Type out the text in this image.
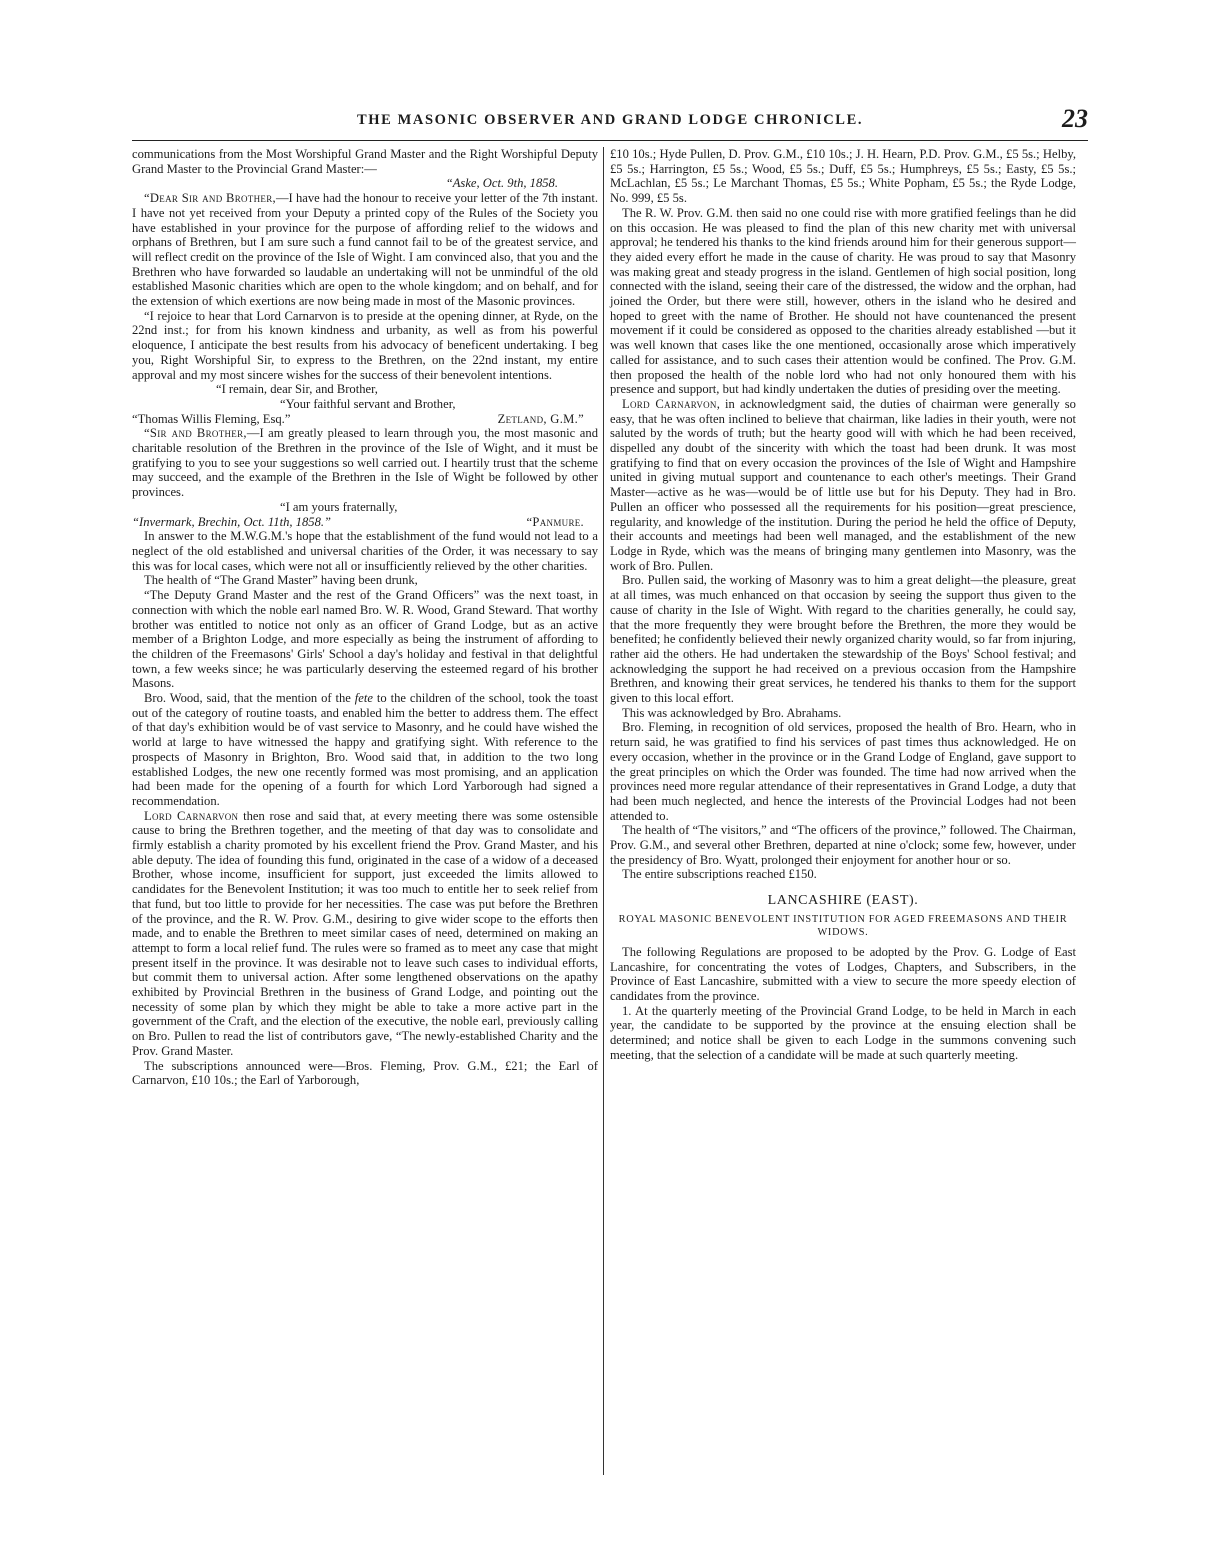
THE MASONIC OBSERVER AND GRAND LODGE CHRONICLE.	23

communications from the Most Worshipful Grand Master and the Right Worshipful Deputy Grand Master to the Provincial Grand Master:—

“Aske, Oct. 9th, 1858.

“Dear Sir and Brother,—I have had the honour to receive your letter of the 7th instant. I have not yet received from your Deputy a printed copy of the Rules of the Society you have established in your province for the purpose of affording relief to the widows and orphans of Brethren, but I am sure such a fund cannot fail to be of the greatest service, and will reflect credit on the province of the Isle of Wight. I am convinced also, that you and the Brethren who have forwarded so laudable an undertaking will not be unmindful of the old established Masonic charities which are open to the whole kingdom; and on behalf, and for the extension of which exertions are now being made in most of the Masonic provinces.

“I rejoice to hear that Lord Carnarvon is to preside at the opening dinner, at Ryde, on the 22nd inst.; for from his known kindness and urbanity, as well as from his powerful eloquence, I anticipate the best results from his advocacy of beneficent undertaking. I beg you, Right Worshipful Sir, to express to the Brethren, on the 22nd instant, my entire approval and my most sincere wishes for the success of their benevolent intentions.

“I remain, dear Sir, and Brother,

“Your faithful servant and Brother,

“Thomas Willis Fleming, Esq.”	Zetland, G.M.”

“Sir and Brother,—I am greatly pleased to learn through you, the most masonic and charitable resolution of the Brethren in the province of the Isle of Wight, and it must be gratifying to you to see your suggestions so well carried out. I heartily trust that the scheme may succeed, and the example of the Brethren in the Isle of Wight be followed by other provinces.

“I am yours fraternally,

“Invermark, Brechin, Oct. 11th, 1858.”	“Panmure.

In answer to the M.W.G.M.'s hope that the establishment of the fund would not lead to a neglect of the old established and universal charities of the Order, it was necessary to say this was for local cases, which were not all or insufficiently relieved by the other charities.

The health of “The Grand Master” having been drunk,

“The Deputy Grand Master and the rest of the Grand Officers” was the next toast, in connection with which the noble earl named Bro. W. R. Wood, Grand Steward. That worthy brother was entitled to notice not only as an officer of Grand Lodge, but as an active member of a Brighton Lodge, and more especially as being the instrument of affording to the children of the Freemasons' Girls' School a day's holiday and festival in that delightful town, a few weeks since; he was particularly deserving the esteemed regard of his brother Masons.

Bro. Wood, said, that the mention of the fete to the children of the school, took the toast out of the category of routine toasts, and enabled him the better to address them. The effect of that day's exhibition would be of vast service to Masonry, and he could have wished the world at large to have witnessed the happy and gratifying sight. With reference to the prospects of Masonry in Brighton, Bro. Wood said that, in addition to the two long established Lodges, the new one recently formed was most promising, and an application had been made for the opening of a fourth for which Lord Yarborough had signed a recommendation.

Lord Carnarvon then rose and said that, at every meeting there was some ostensible cause to bring the Brethren together, and the meeting of that day was to consolidate and firmly establish a charity promoted by his excellent friend the Prov. Grand Master, and his able deputy. The idea of founding this fund, originated in the case of a widow of a deceased Brother, whose income, insufficient for support, just exceeded the limits allowed to candidates for the Benevolent Institution; it was too much to entitle her to seek relief from that fund, but too little to provide for her necessities. The case was put before the Brethren of the province, and the R. W. Prov. G.M., desiring to give wider scope to the efforts then made, and to enable the Brethren to meet similar cases of need, determined on making an attempt to form a local relief fund. The rules were so framed as to meet any case that might present itself in the province. It was desirable not to leave such cases to individual efforts, but commit them to universal action. After some lengthened observations on the apathy exhibited by Provincial Brethren in the business of Grand Lodge, and pointing out the necessity of some plan by which they might be able to take a more active part in the government of the Craft, and the election of the executive, the noble earl, previously calling on Bro. Pullen to read the list of contributors gave, “The newly-established Charity and the Prov. Grand Master.

The subscriptions announced were—Bros. Fleming, Prov. G.M., £21; the Earl of Carnarvon, £10 10s.; the Earl of Yarborough,

£10 10s.; Hyde Pullen, D. Prov. G.M., £10 10s.; J. H. Hearn, P.D. Prov. G.M., £5 5s.; Helby, £5 5s.; Harrington, £5 5s.; Wood, £5 5s.; Duff, £5 5s.; Humphreys, £5 5s.; Easty, £5 5s.; McLachlan, £5 5s.; Le Marchant Thomas, £5 5s.; White Popham, £5 5s.; the Ryde Lodge, No. 999, £5 5s.

The R. W. Prov. G.M. then said no one could rise with more gratified feelings than he did on this occasion. He was pleased to find the plan of this new charity met with universal approval; he tendered his thanks to the kind friends around him for their generous support—they aided every effort he made in the cause of charity. He was proud to say that Masonry was making great and steady progress in the island. Gentlemen of high social position, long connected with the island, seeing their care of the distressed, the widow and the orphan, had joined the Order, but there were still, however, others in the island who he desired and hoped to greet with the name of Brother. He should not have countenanced the present movement if it could be considered as opposed to the charities already established —but it was well known that cases like the one mentioned, occasionally arose which imperatively called for assistance, and to such cases their attention would be confined. The Prov. G.M. then proposed the health of the noble lord who had not only honoured them with his presence and support, but had kindly undertaken the duties of presiding over the meeting.

Lord Carnarvon, in acknowledgment said, the duties of chairman were generally so easy, that he was often inclined to believe that chairman, like ladies in their youth, were not saluted by the words of truth; but the hearty good will with which he had been received, dispelled any doubt of the sincerity with which the toast had been drunk. It was most gratifying to find that on every occasion the provinces of the Isle of Wight and Hampshire united in giving mutual support and countenance to each other's meetings. Their Grand Master—active as he was—would be of little use but for his Deputy. They had in Bro. Pullen an officer who possessed all the requirements for his position—great prescience, regularity, and knowledge of the institution. During the period he held the office of Deputy, their accounts and meetings had been well managed, and the establishment of the new Lodge in Ryde, which was the means of bringing many gentlemen into Masonry, was the work of Bro. Pullen.

Bro. Pullen said, the working of Masonry was to him a great delight—the pleasure, great at all times, was much enhanced on that occasion by seeing the support thus given to the cause of charity in the Isle of Wight. With regard to the charities generally, he could say, that the more frequently they were brought before the Brethren, the more they would be benefited; he confidently believed their newly organized charity would, so far from injuring, rather aid the others. He had undertaken the stewardship of the Boys' School festival; and acknowledging the support he had received on a previous occasion from the Hampshire Brethren, and knowing their great services, he tendered his thanks to them for the support given to this local effort.

This was acknowledged by Bro. Abrahams.

Bro. Fleming, in recognition of old services, proposed the health of Bro. Hearn, who in return said, he was gratified to find his services of past times thus acknowledged. He on every occasion, whether in the province or in the Grand Lodge of England, gave support to the great principles on which the Order was founded. The time had now arrived when the provinces need more regular attendance of their representatives in Grand Lodge, a duty that had been much neglected, and hence the interests of the Provincial Lodges had not been attended to.

The health of “The visitors,” and “The officers of the province,” followed. The Chairman, Prov. G.M., and several other Brethren, departed at nine o'clock; some few, however, under the presidency of Bro. Wyatt, prolonged their enjoyment for another hour or so.

The entire subscriptions reached £150.

LANCASHIRE (EAST).
ROYAL MASONIC BENEVOLENT INSTITUTION FOR AGED FREEMASONS AND THEIR WIDOWS.

The following Regulations are proposed to be adopted by the Prov. G. Lodge of East Lancashire, for concentrating the votes of Lodges, Chapters, and Subscribers, in the Province of East Lancashire, submitted with a view to secure the more speedy election of candidates from the province.

1. At the quarterly meeting of the Provincial Grand Lodge, to be held in March in each year, the candidate to be supported by the province at the ensuing election shall be determined; and notice shall be given to each Lodge in the summons convening such meeting, that the selection of a candidate will be made at such quarterly meeting.
